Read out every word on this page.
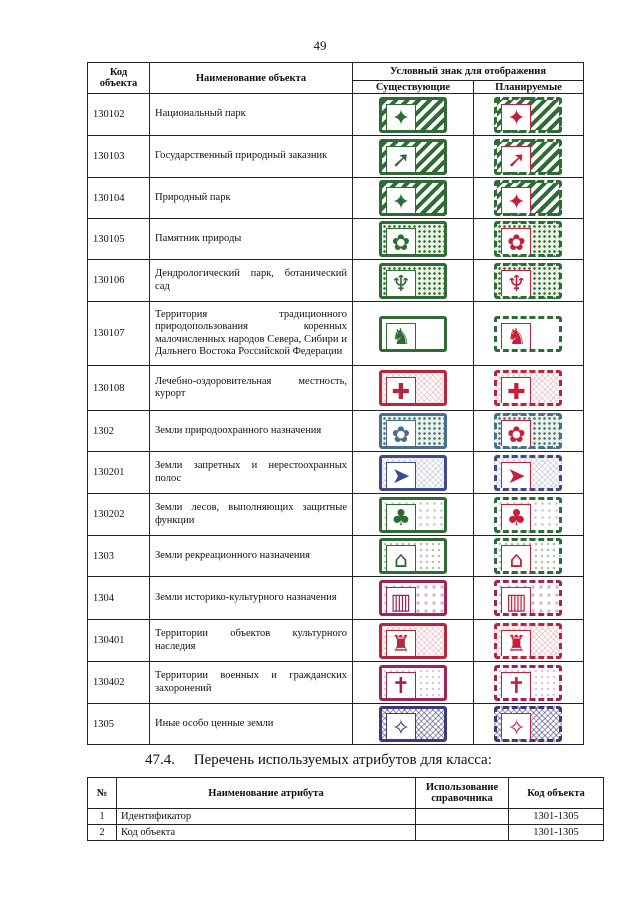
49
Код объекта	Наименование объекта	Условный знак для отображения	
		Существующие	Планируемые
130102	Национальный парк	✦	✦

130103	Государственный природный заказник	➚	➚

130104	Природный парк	✦	✦

130105	Памятник природы	✿	✿

130106	Дендрологический парк, ботанический сад	♆	♆

130107	Территория традиционного природопользования коренных малочисленных народов Севера, Сибири и Дальнего Востока Российской Федерации	♞	♞

130108	Лечебно-оздоровительная местность, курорт	✚	✚

1302	Земли природоохранного назначения	✿	✿

130201	Земли запретных и нерестоохранных полос	➤	➤

130202	Земли лесов, выполняющих защитные функции	♣	♣

1303	Земли рекреационного назначения	⌂	⌂

1304	Земли историко-культурного назначения	▥	▥

130401	Территории объектов культурного наследия	♜	♜

130402	Территории военных и гражданских захоронений	✝	✝

1305	Иные особо ценные земли	✧	✧
47.4. Перечень используемых атрибутов для класса:
№	Наименование атрибута	Использование справочника	Код объекта
1	Идентификатор		1301-1305
2	Код объекта		1301-1305
